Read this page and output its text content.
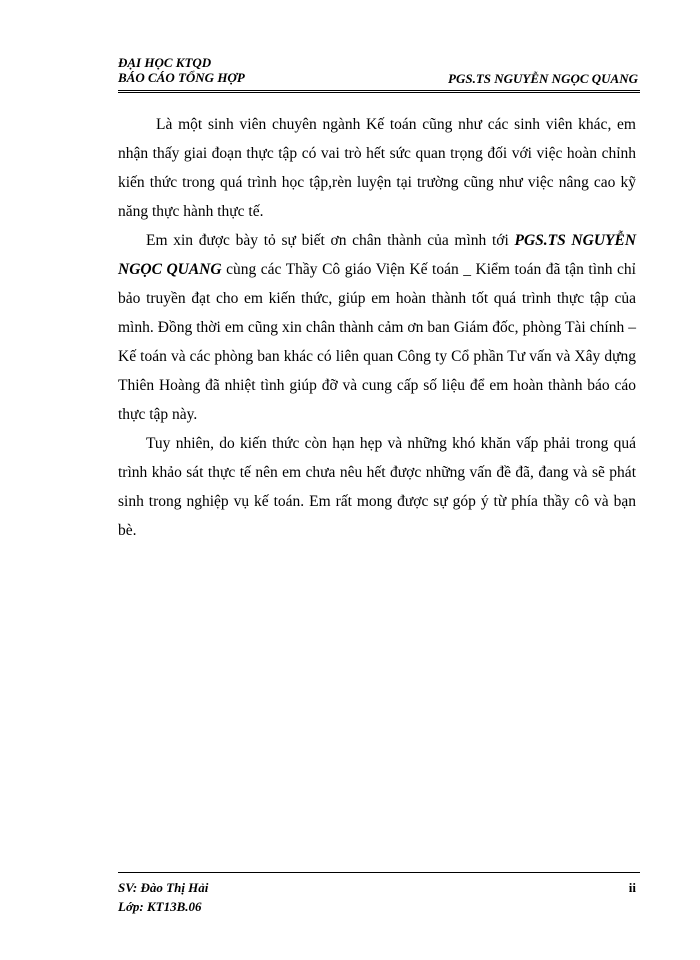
ĐẠI HỌC KTQD
BÁO CÁO TỔNG HỢP	PGS.TS NGUYỄN NGỌC QUANG

Là một sinh viên chuyên ngành Kế toán cũng như các sinh viên khác, em nhận thấy giai đoạn thực tập có vai trò hết sức quan trọng đối với việc hoàn chỉnh kiến thức trong quá trình học tập,rèn luyện tại trường cũng như việc nâng cao kỹ năng thực hành thực tế.

Em xin được bày tỏ sự biết ơn chân thành của mình tới PGS.TS NGUYỄN NGỌC QUANG cùng các Thầy Cô giáo Viện Kế toán _ Kiểm toán đã tận tình chỉ bảo truyền đạt cho em kiến thức, giúp em hoàn thành tốt quá trình thực tập của mình. Đồng thời em cũng xin chân thành cảm ơn ban Giám đốc, phòng Tài chính – Kế toán và các phòng ban khác có liên quan Công ty Cổ phần Tư vấn và Xây dựng Thiên Hoàng đã nhiệt tình giúp đỡ và cung cấp số liệu để em hoàn thành báo cáo thực tập này.

Tuy nhiên, do kiến thức còn hạn hẹp và những khó khăn vấp phải trong quá trình khảo sát thực tế nên em chưa nêu hết được những vấn đề đã, đang và sẽ phát sinh trong nghiệp vụ kế toán. Em rất mong được sự góp ý từ phía thầy cô và bạn bè.

SV: Đào Thị Hải
Lớp: KT13B.06
ii
